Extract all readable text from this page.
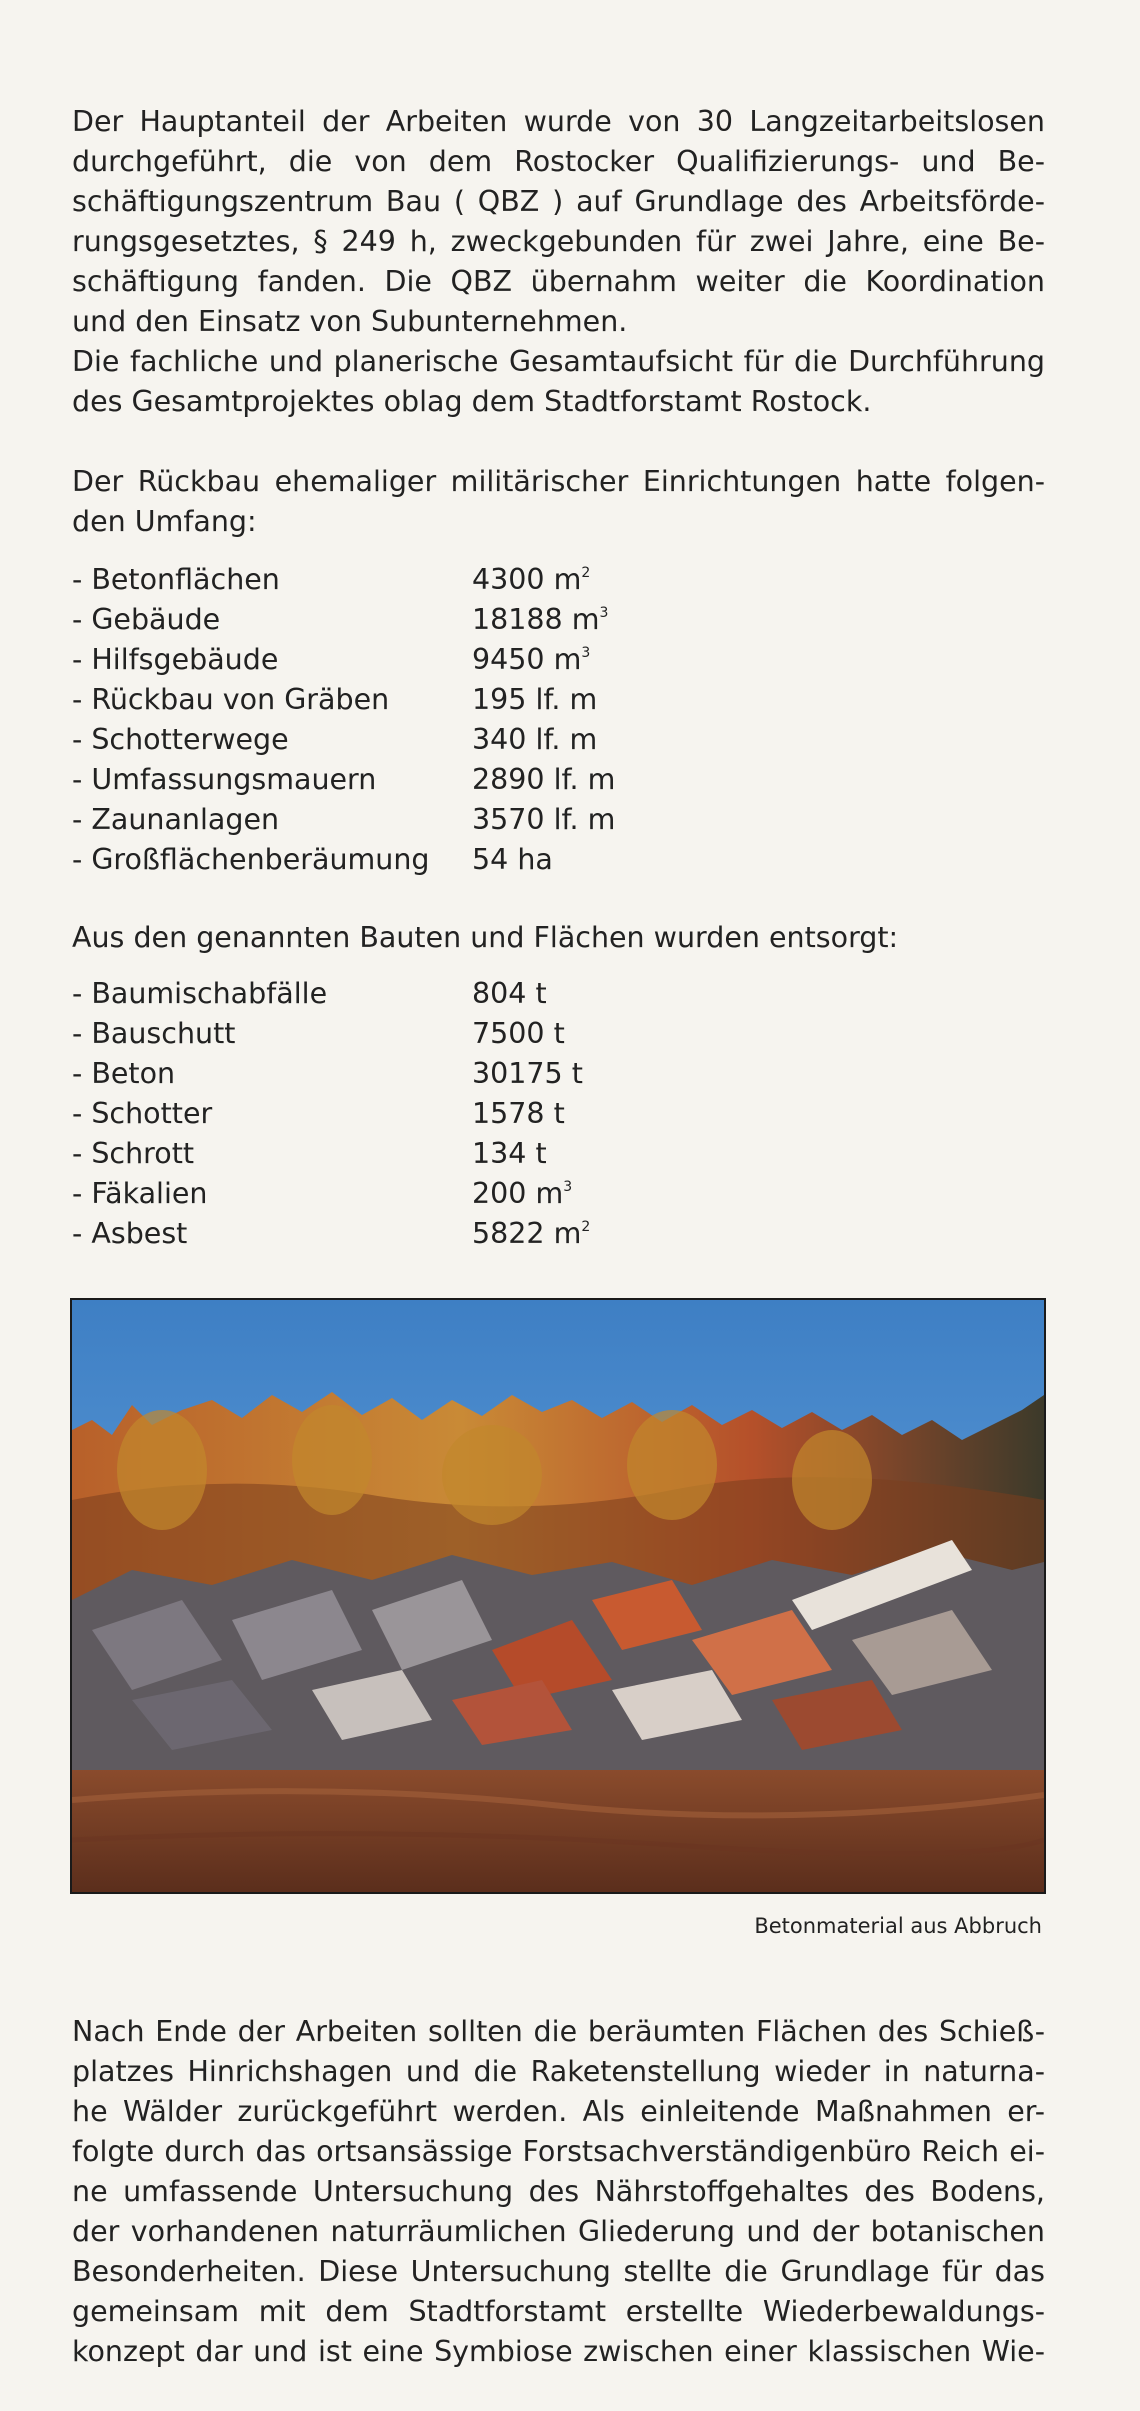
Der Hauptanteil der Arbeiten wurde von 30 Langzeitarbeitslosen
durchgeführt, die von dem Rostocker Qualifizierungs- und Be-
schäftigungszentrum Bau ( QBZ ) auf Grundlage des Arbeitsförde-
rungsgesetztes, § 249 h, zweckgebunden für zwei Jahre, eine Be-
schäftigung fanden. Die QBZ übernahm weiter die Koordination
und den Einsatz von Subunternehmen.
Die fachliche und planerische Gesamtaufsicht für die Durchführung
des Gesamtprojektes oblag dem Stadtforstamt Rostock.

Der Rückbau ehemaliger militärischer Einrichtungen hatte folgen-
den Umfang:

- Betonflächen	4300 $m^2$
- Gebäude	18188 $m^3$
- Hilfsgebäude	9450 $m^3$
- Rückbau von Gräben	195 lf. m
- Schotterwege	340 lf. m
- Umfassungsmauern	2890 lf. m
- Zaunanlagen	3570 lf. m
- Großflächenberäumung	54 ha

Aus den genannten Bauten und Flächen wurden entsorgt:

- Baumischabfälle	804 t
- Bauschutt	7500 t
- Beton	30175 t
- Schotter	1578 t
- Schrott	134 t
- Fäkalien	200 $m^3$
- Asbest	5822 $m^2$
Betonmaterial aus Abbruch

Nach Ende der Arbeiten sollten die beräumten Flächen des Schieß-
platzes Hinrichshagen und die Raketenstellung wieder in naturna-
he Wälder zurückgeführt werden. Als einleitende Maßnahmen er-
folgte durch das ortsansässige Forstsachverständigenbüro Reich ei-
ne umfassende Untersuchung des Nährstoffgehaltes des Bodens,
der vorhandenen naturräumlichen Gliederung und der botanischen
Besonderheiten. Diese Untersuchung stellte die Grundlage für das
gemeinsam mit dem Stadtforstamt erstellte Wiederbewaldungs-
konzept dar und ist eine Symbiose zwischen einer klassischen Wie-
